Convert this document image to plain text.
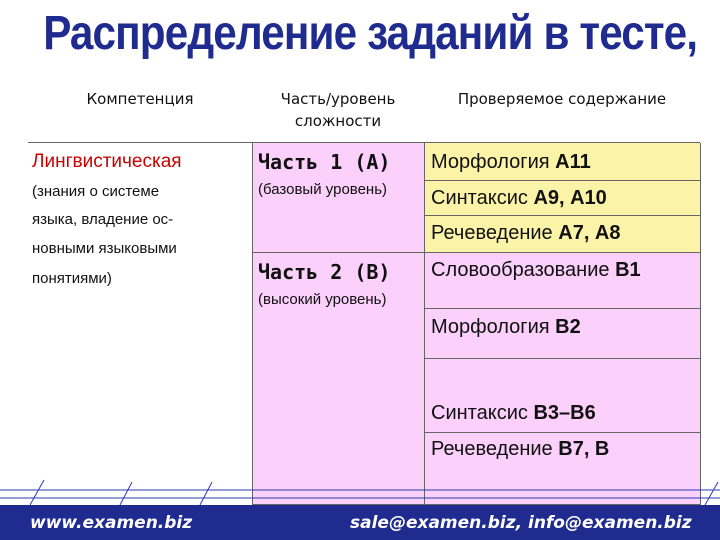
Распределение заданий в тесте,
Компетенция	Часть/уровень
сложности
Проверяемое содержание
Лингвистическая
(знания о системе
языка, владение ос-
новными языковыми
понятиями)
Часть 1 (А)
(базовый уровень)
Часть 2 (В)
(высокий уровень)
Морфология А11
Синтаксис А9, А10
Речеведение А7, А8
Словообразование В1
Морфология В2
Синтаксис В3–В6
Речеведение В7, В
www.examen.biz	sale@examen.biz, info@examen.biz
